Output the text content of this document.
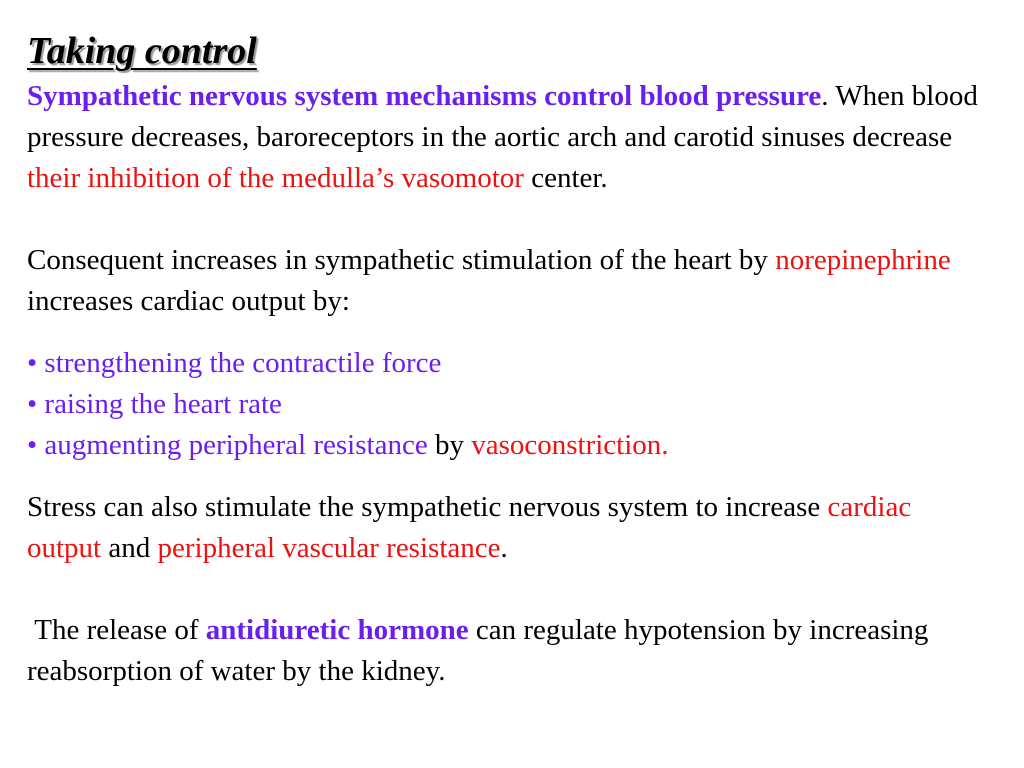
Taking control

Sympathetic nervous system mechanisms control blood pressure. When blood pressure decreases, baroreceptors in the aortic arch and carotid sinuses decrease their inhibition of the medulla’s vasomotor center.

Consequent increases in sympathetic stimulation of the heart by norepinephrine increases cardiac output by:

• strengthening the contractile force
• raising the heart rate
• augmenting peripheral resistance by vasoconstriction.

Stress can also stimulate the sympathetic nervous system to increase cardiac output and peripheral vascular resistance.

The release of antidiuretic hormone can regulate hypotension by increasing reabsorption of water by the kidney.
